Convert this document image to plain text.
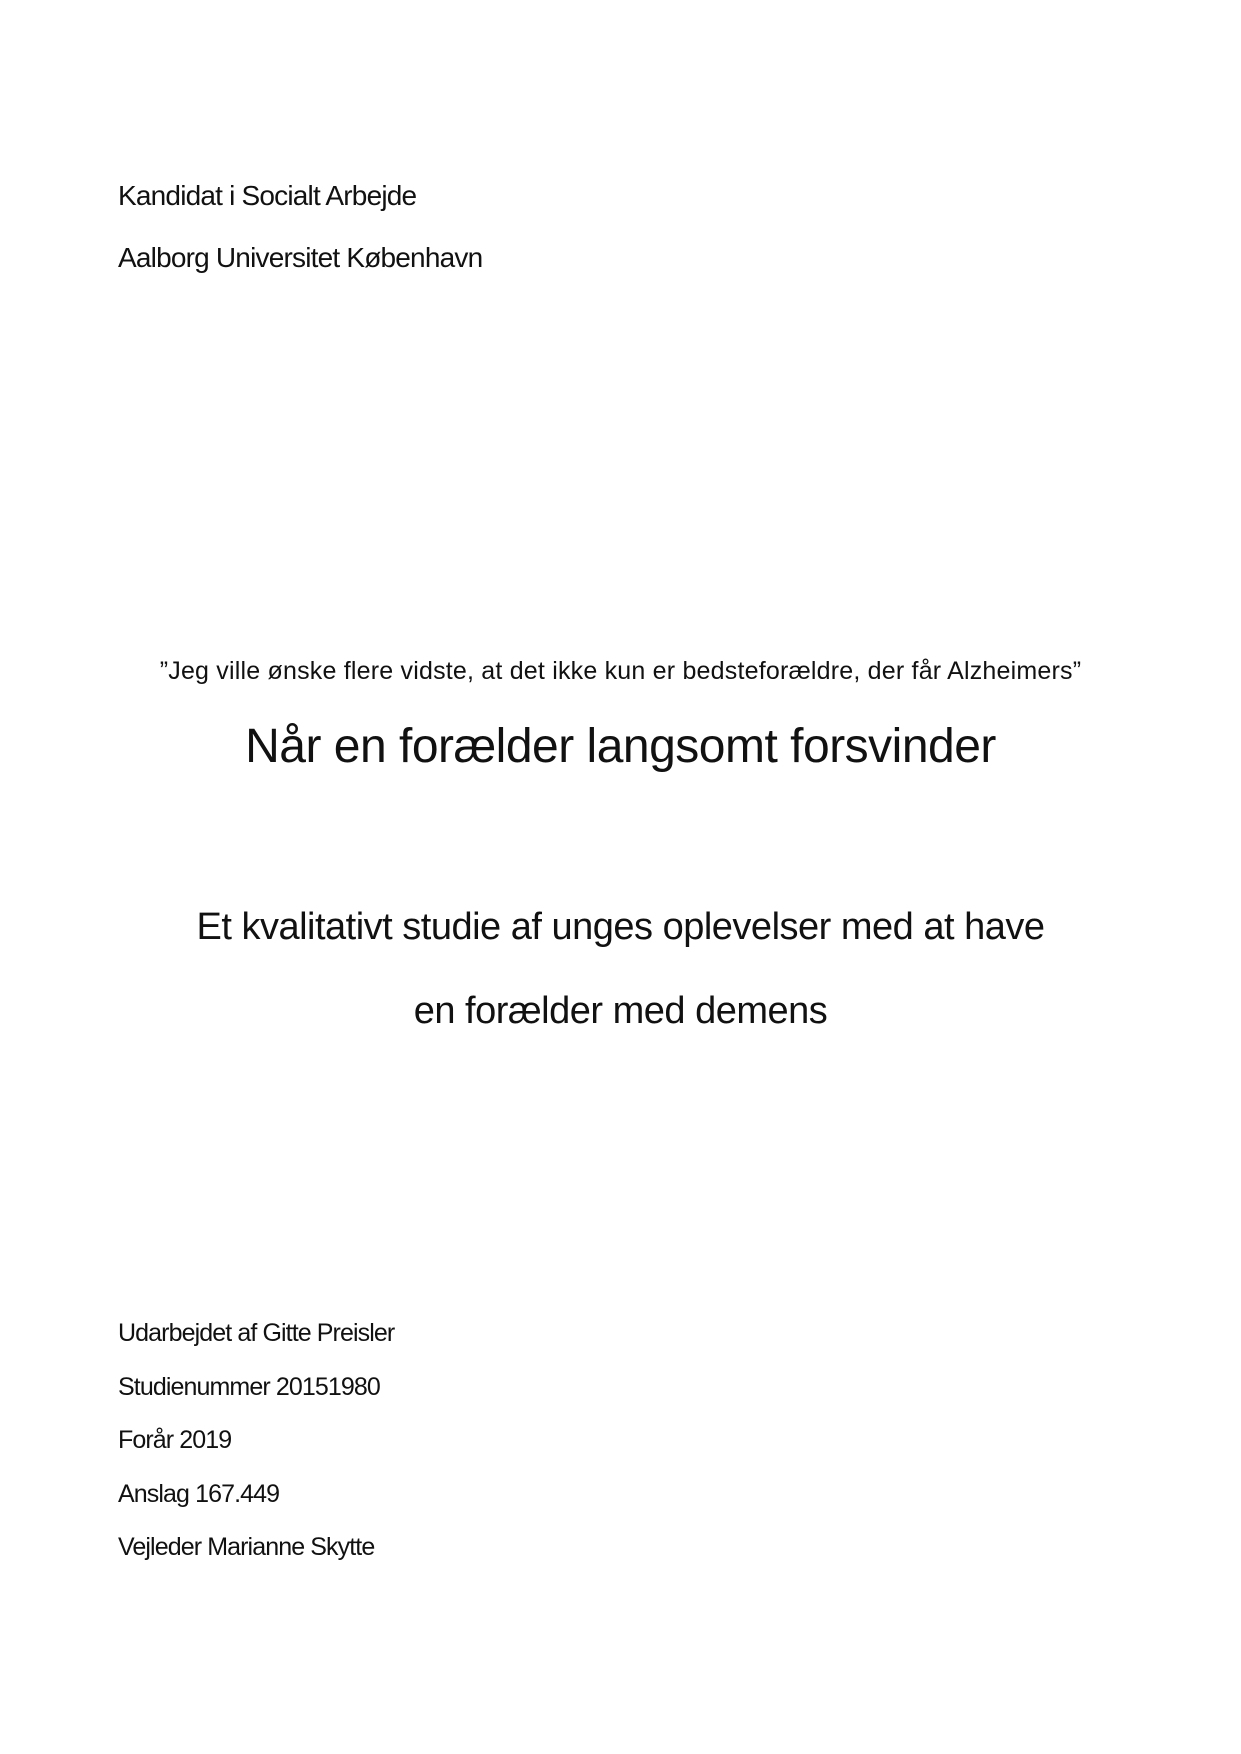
Kandidat i Socialt Arbejde
Aalborg Universitet København
”Jeg ville ønske flere vidste, at det ikke kun er bedsteforældre, der får Alzheimers”
Når en forælder langsomt forsvinder
Et kvalitativt studie af unges oplevelser med at have
en forælder med demens
Udarbejdet af Gitte Preisler
Studienummer 20151980
Forår 2019
Anslag 167.449
Vejleder Marianne Skytte
